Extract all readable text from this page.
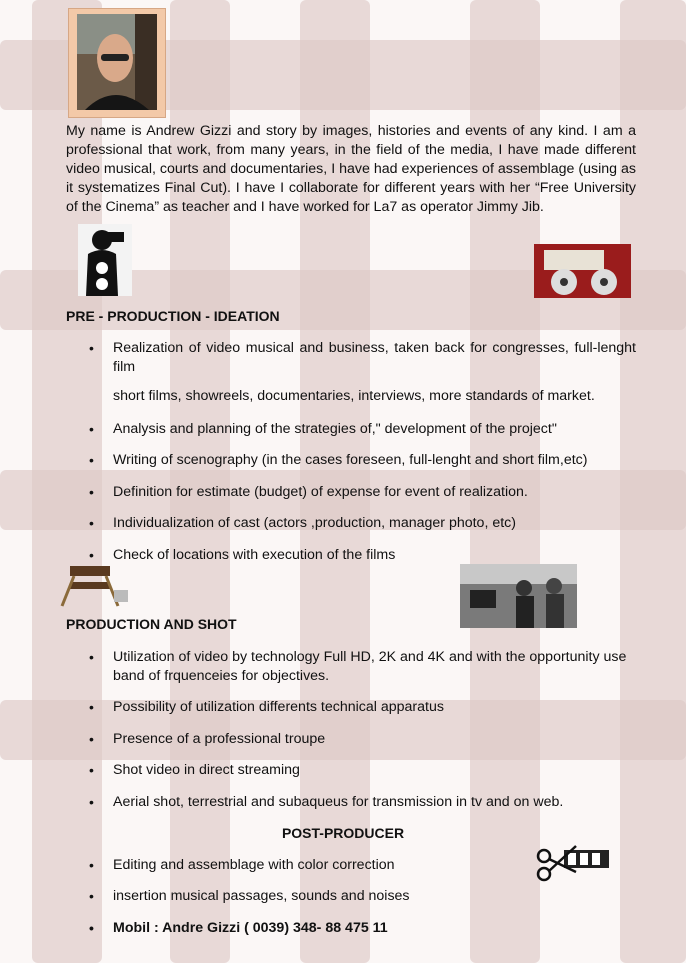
My name is Andrew Gizzi and story by images, histories and events of any kind. I am a professional that work, from many years, in the field of the media, I have made different video musical, courts and documentaries, I have had experiences of assemblage (using as it systematizes Final Cut). I have I collaborate for different years with her “Free University of the Cinema” as teacher and I have worked for La7 as operator Jimmy Jib.

PRE - PRODUCTION - IDEATION
• Realization of video musical and business, taken back for congresses, full-lenght film
short films, showreels, documentaries, interviews, more standards of market.
• Analysis and planning of the strategies of," development of the project"
• Writing of scenography (in the cases foreseen, full-lenght and short film,etc)
• Definition for estimate (budget) of expense for event of realization.
• Individualization of cast (actors ,production, manager photo, etc)
• Check of locations with execution of the films
PRODUCTION AND SHOT
• Utilization of video by technology Full HD, 2K and 4K and with the opportunity use band of frquenceies for objectives.
• Possibility of utilization differents technical apparatus
• Presence of a professional troupe
• Shot video in direct streaming
• Aerial shot, terrestrial and subaqueus for transmission in tv and on web.
POST-PRODUCER
• Editing and assemblage with color correction
• insertion musical passages, sounds and noises
• Mobil : Andre Gizzi ( 0039) 348- 88 475 11
